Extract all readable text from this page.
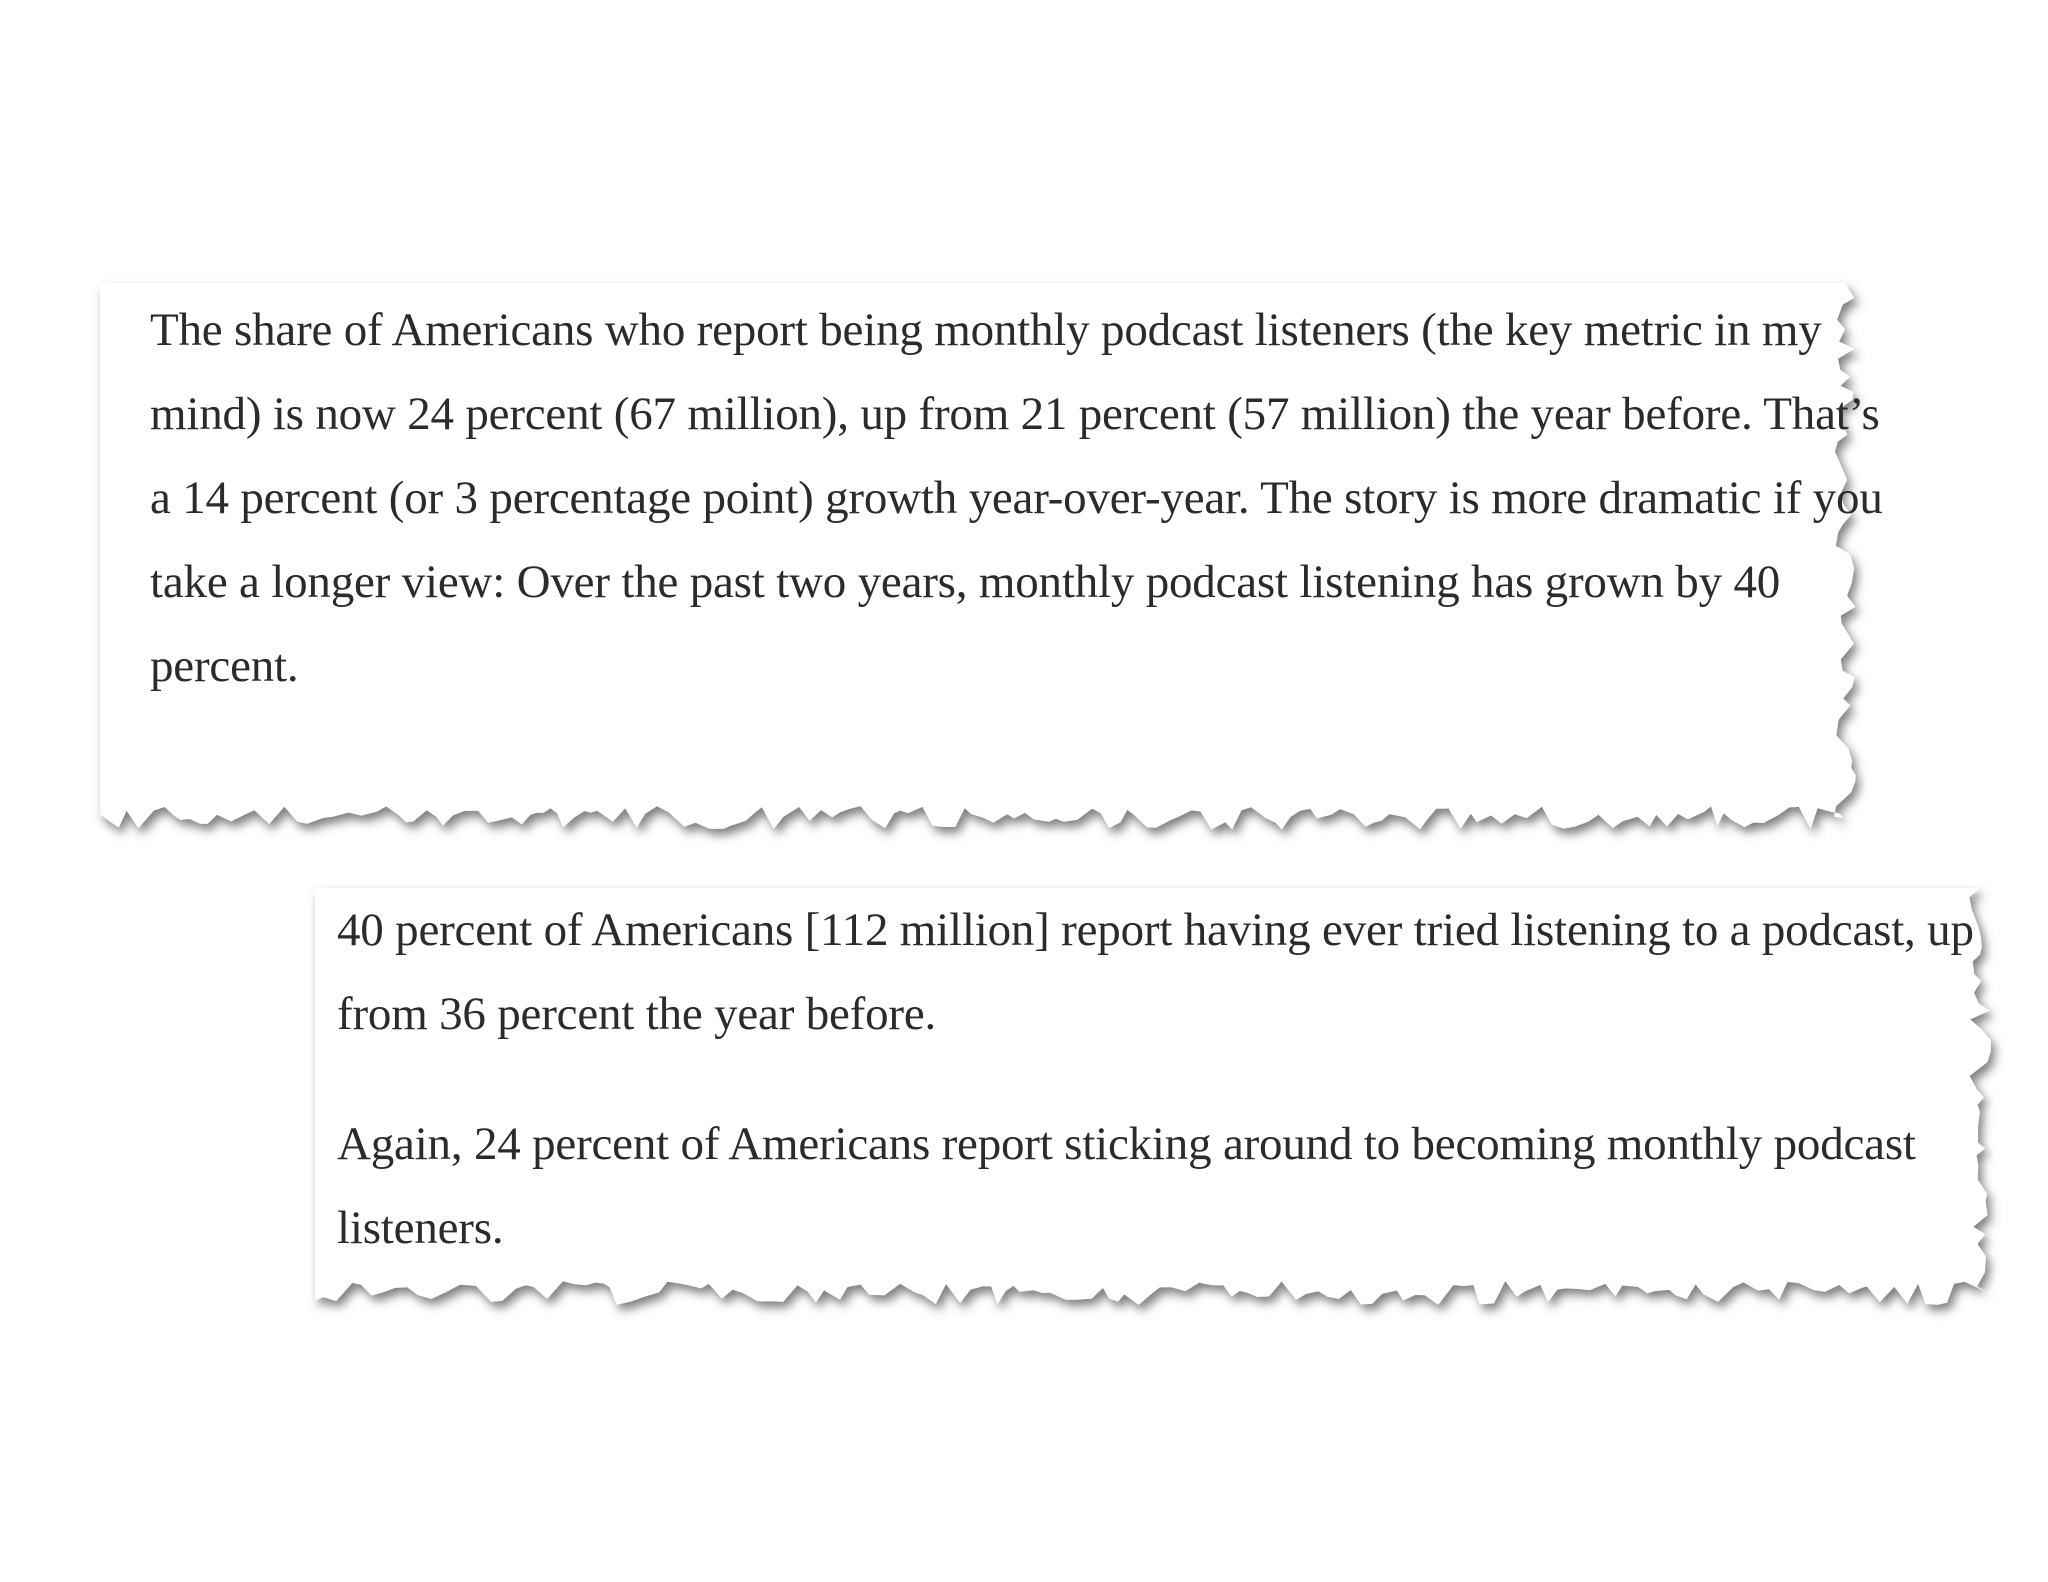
The share of Americans who report being monthly podcast listeners (the key metric in my mind) is now 24 percent (67 million), up from 21 percent (57 million) the year before. That’s a 14 percent (or 3 percentage point) growth year-over-year. The story is more dramatic if you take a longer view: Over the past two years, monthly podcast listening has grown by 40 percent.

40 percent of Americans [112 million] report having ever tried listening to a podcast, up from 36 percent the year before.

Again, 24 percent of Americans report sticking around to becoming monthly podcast listeners.
